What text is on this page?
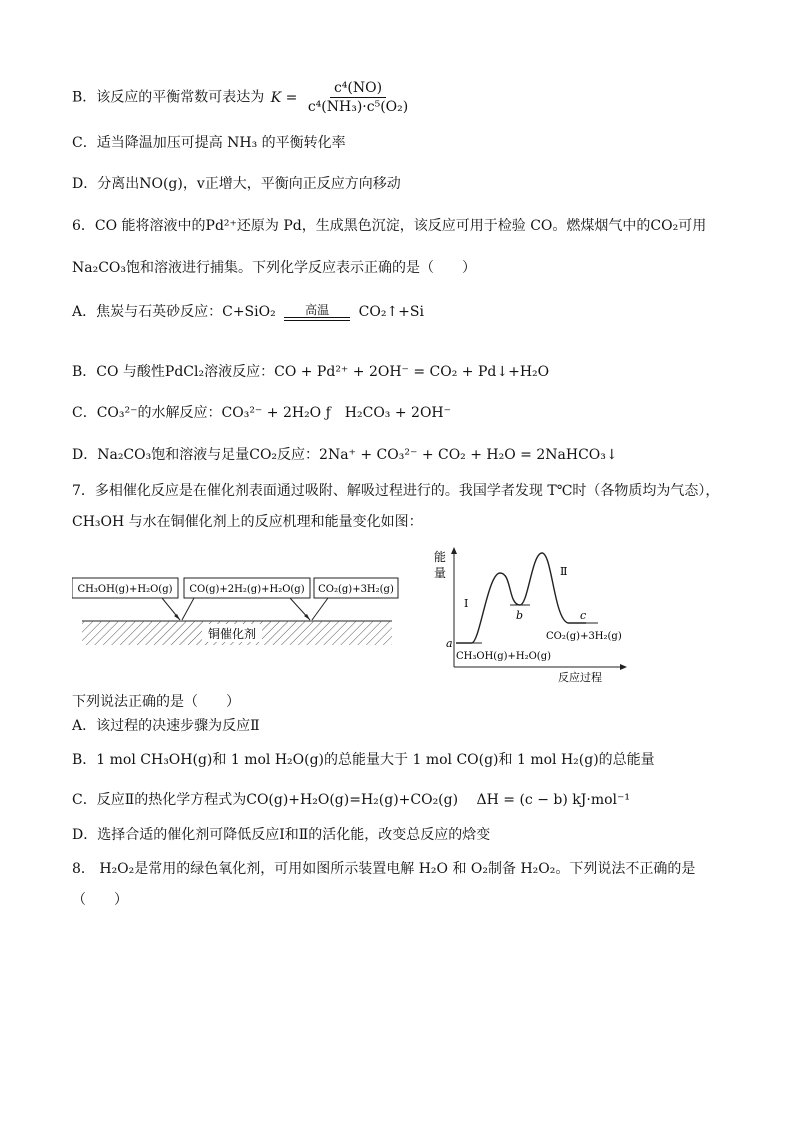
B．该反应的平衡常数可表达为 $K = \frac{\text{c⁴(NO)}}{\text{c⁴(NH₃)·c⁵(O₂)}}$
C．适当降温加压可提高 NH₃ 的平衡转化率
D．分离出NO(g)，v正增大，平衡向正反应方向移动
6．CO 能将溶液中的Pd²⁺还原为 Pd，生成黑色沉淀，该反应可用于检验 CO。燃煤烟气中的CO₂可用
Na₂CO₃饱和溶液进行捕集。下列化学反应表示正确的是（　　）
A．焦炭与石英砂反应：C+SiO₂ 高温 CO₂↑+Si
B．CO 与酸性PdCl₂溶液反应：CO + Pd²⁺ + 2OH⁻ = CO₂ + Pd↓+H₂O
C．CO₃²⁻的水解反应：CO₃²⁻ + 2H₂O ƒ　H₂CO₃ + 2OH⁻
D．Na₂CO₃饱和溶液与足量CO₂反应：2Na⁺ + CO₃²⁻ + CO₂ + H₂O = 2NaHCO₃↓
7．多相催化反应是在催化剂表面通过吸附、解吸过程进行的。我国学者发现 T℃时（各物质均为气态），
CH₃OH 与水在铜催化剂上的反应机理和能量变化如图：
CH₃OH(g)+H₂O(g) CO(g)+2H₂(g)+H₂O(g) CO₂(g)+3H₂(g)
铜催化剂
能
量
反应过程
a
b	c
Ⅰ
Ⅱ
CO₂(g)+3H₂(g)
CH₃OH(g)+H₂O(g)
下列说法正确的是（　　）
A．该过程的决速步骤为反应Ⅱ
B．1 mol CH₃OH(g)和 1 mol H₂O(g)的总能量大于 1 mol CO(g)和 1 mol H₂(g)的总能量
C．反应Ⅱ的热化学方程式为CO(g)+H₂O(g)=H₂(g)+CO₂(g)　 ΔH = (c − b) kJ·mol⁻¹
D．选择合适的催化剂可降低反应Ⅰ和Ⅱ的活化能，改变总反应的焓变
8． H₂O₂是常用的绿色氧化剂，可用如图所示装置电解 H₂O 和 O₂制备 H₂O₂。下列说法不正确的是
（　　）
